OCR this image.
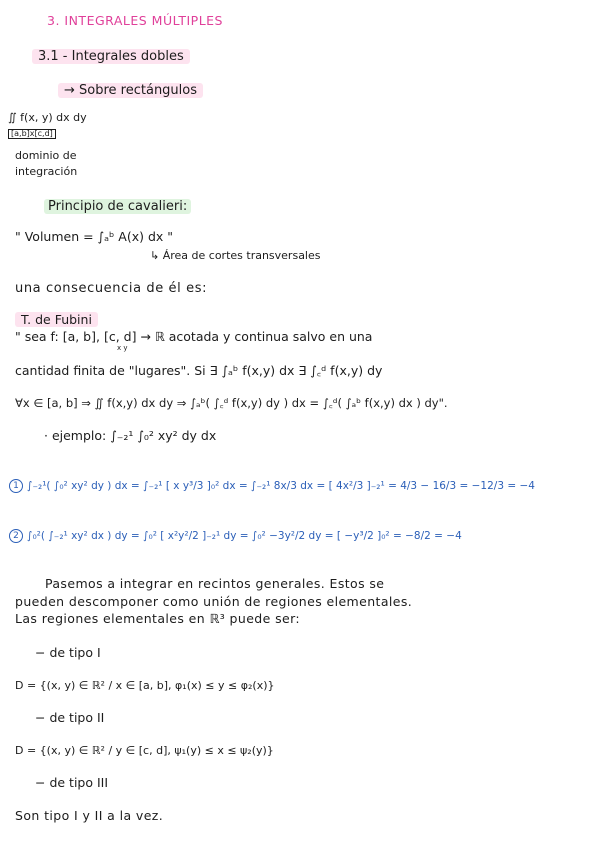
3. INTEGRALES MÚLTIPLES
3.1 - Integrales dobles
→ Sobre rectángulos
∬ f(x, y) dx dy
[a,b]x[c,d]
dominio de
integración
Principio de cavalieri:
" Volumen = ∫ₐᵇ A(x) dx "
↳ Área de cortes transversales
una consecuencia de él es:
T. de Fubini
" sea f: [a, b], [c, d] → ℝ acotada y continua salvo en una
x y
cantidad finita de "lugares". Si ∃ ∫ₐᵇ f(x,y) dx ∃ ∫꜀ᵈ f(x,y) dy
∀x ∈ [a, b] ⇒ ∬ f(x,y) dx dy ⇒ ∫ₐᵇ( ∫꜀ᵈ f(x,y) dy ) dx = ∫꜀ᵈ( ∫ₐᵇ f(x,y) dx ) dy".
· ejemplo: ∫₋₂¹ ∫₀² xy² dy dx
1 ∫₋₂¹( ∫₀² xy² dy ) dx = ∫₋₂¹ [ x y³/3 ]₀² dx = ∫₋₂¹ 8x/3 dx = [ 4x²/3 ]₋₂¹ = 4/3 − 16/3 = −12/3 = −4
2 ∫₀²( ∫₋₂¹ xy² dx ) dy = ∫₀² [ x²y²/2 ]₋₂¹ dy = ∫₀² −3y²/2 dy = [ −y³/2 ]₀² = −8/2 = −4
Pasemos a integrar en recintos generales. Estos se
pueden descomponer como unión de regiones elementales.
Las regiones elementales en ℝ³ puede ser:
− de tipo I
D = {(x, y) ∈ ℝ² / x ∈ [a, b], φ₁(x) ≤ y ≤ φ₂(x)}
− de tipo II
D = {(x, y) ∈ ℝ² / y ∈ [c, d], ψ₁(y) ≤ x ≤ ψ₂(y)}
− de tipo III
Son tipo I y II a la vez.
